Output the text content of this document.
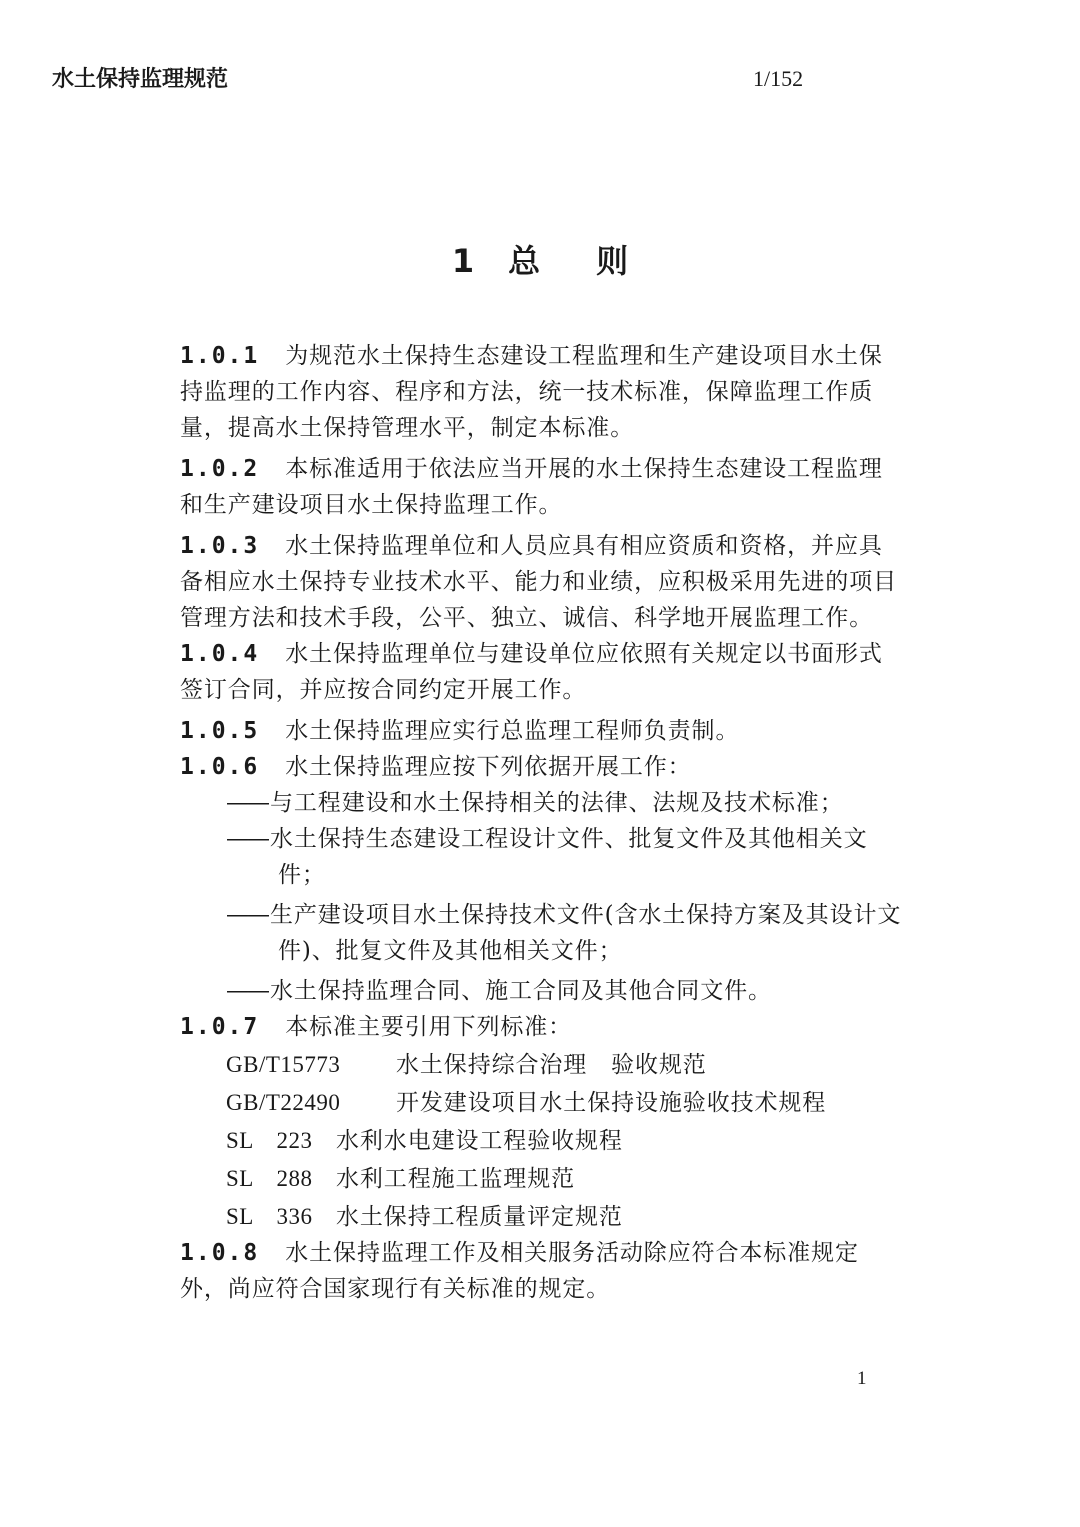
水土保持监理规范	1/152
1 总 则

1.0.1 为规范水土保持生态建设工程监理和生产建设项目水土保持监理的工作内容、程序和方法，统一技术标准，保障监理工作质量，提高水土保持管理水平，制定本标准。

1.0.2 本标准适用于依法应当开展的水土保持生态建设工程监理和生产建设项目水土保持监理工作。

1.0.3 水土保持监理单位和人员应具有相应资质和资格，并应具备相应水土保持专业技术水平、能力和业绩，应积极采用先进的项目管理方法和技术手段，公平、独立、诚信、科学地开展监理工作。

1.0.4 水土保持监理单位与建设单位应依照有关规定以书面形式签订合同，并应按合同约定开展工作。

1.0.5 水土保持监理应实行总监理工程师负责制。

1.0.6 水土保持监理应按下列依据开展工作：

——与工程建设和水土保持相关的法律、法规及技术标准；
——水土保持生态建设工程设计文件、批复文件及其他相关文件；
——生产建设项目水土保持技术文件(含水土保持方案及其设计文件)、批复文件及其他相关文件；
——水土保持监理合同、施工合同及其他合同文件。

1.0.7 本标准主要引用下列标准：

GB/T15773 水土保持综合治理　验收规范
GB/T22490 开发建设项目水土保持设施验收技术规程
SL　223 水利水电建设工程验收规程
SL　288 水利工程施工监理规范
SL　336 水土保持工程质量评定规范

1.0.8 水土保持监理工作及相关服务活动除应符合本标准规定外，尚应符合国家现行有关标准的规定。

1
